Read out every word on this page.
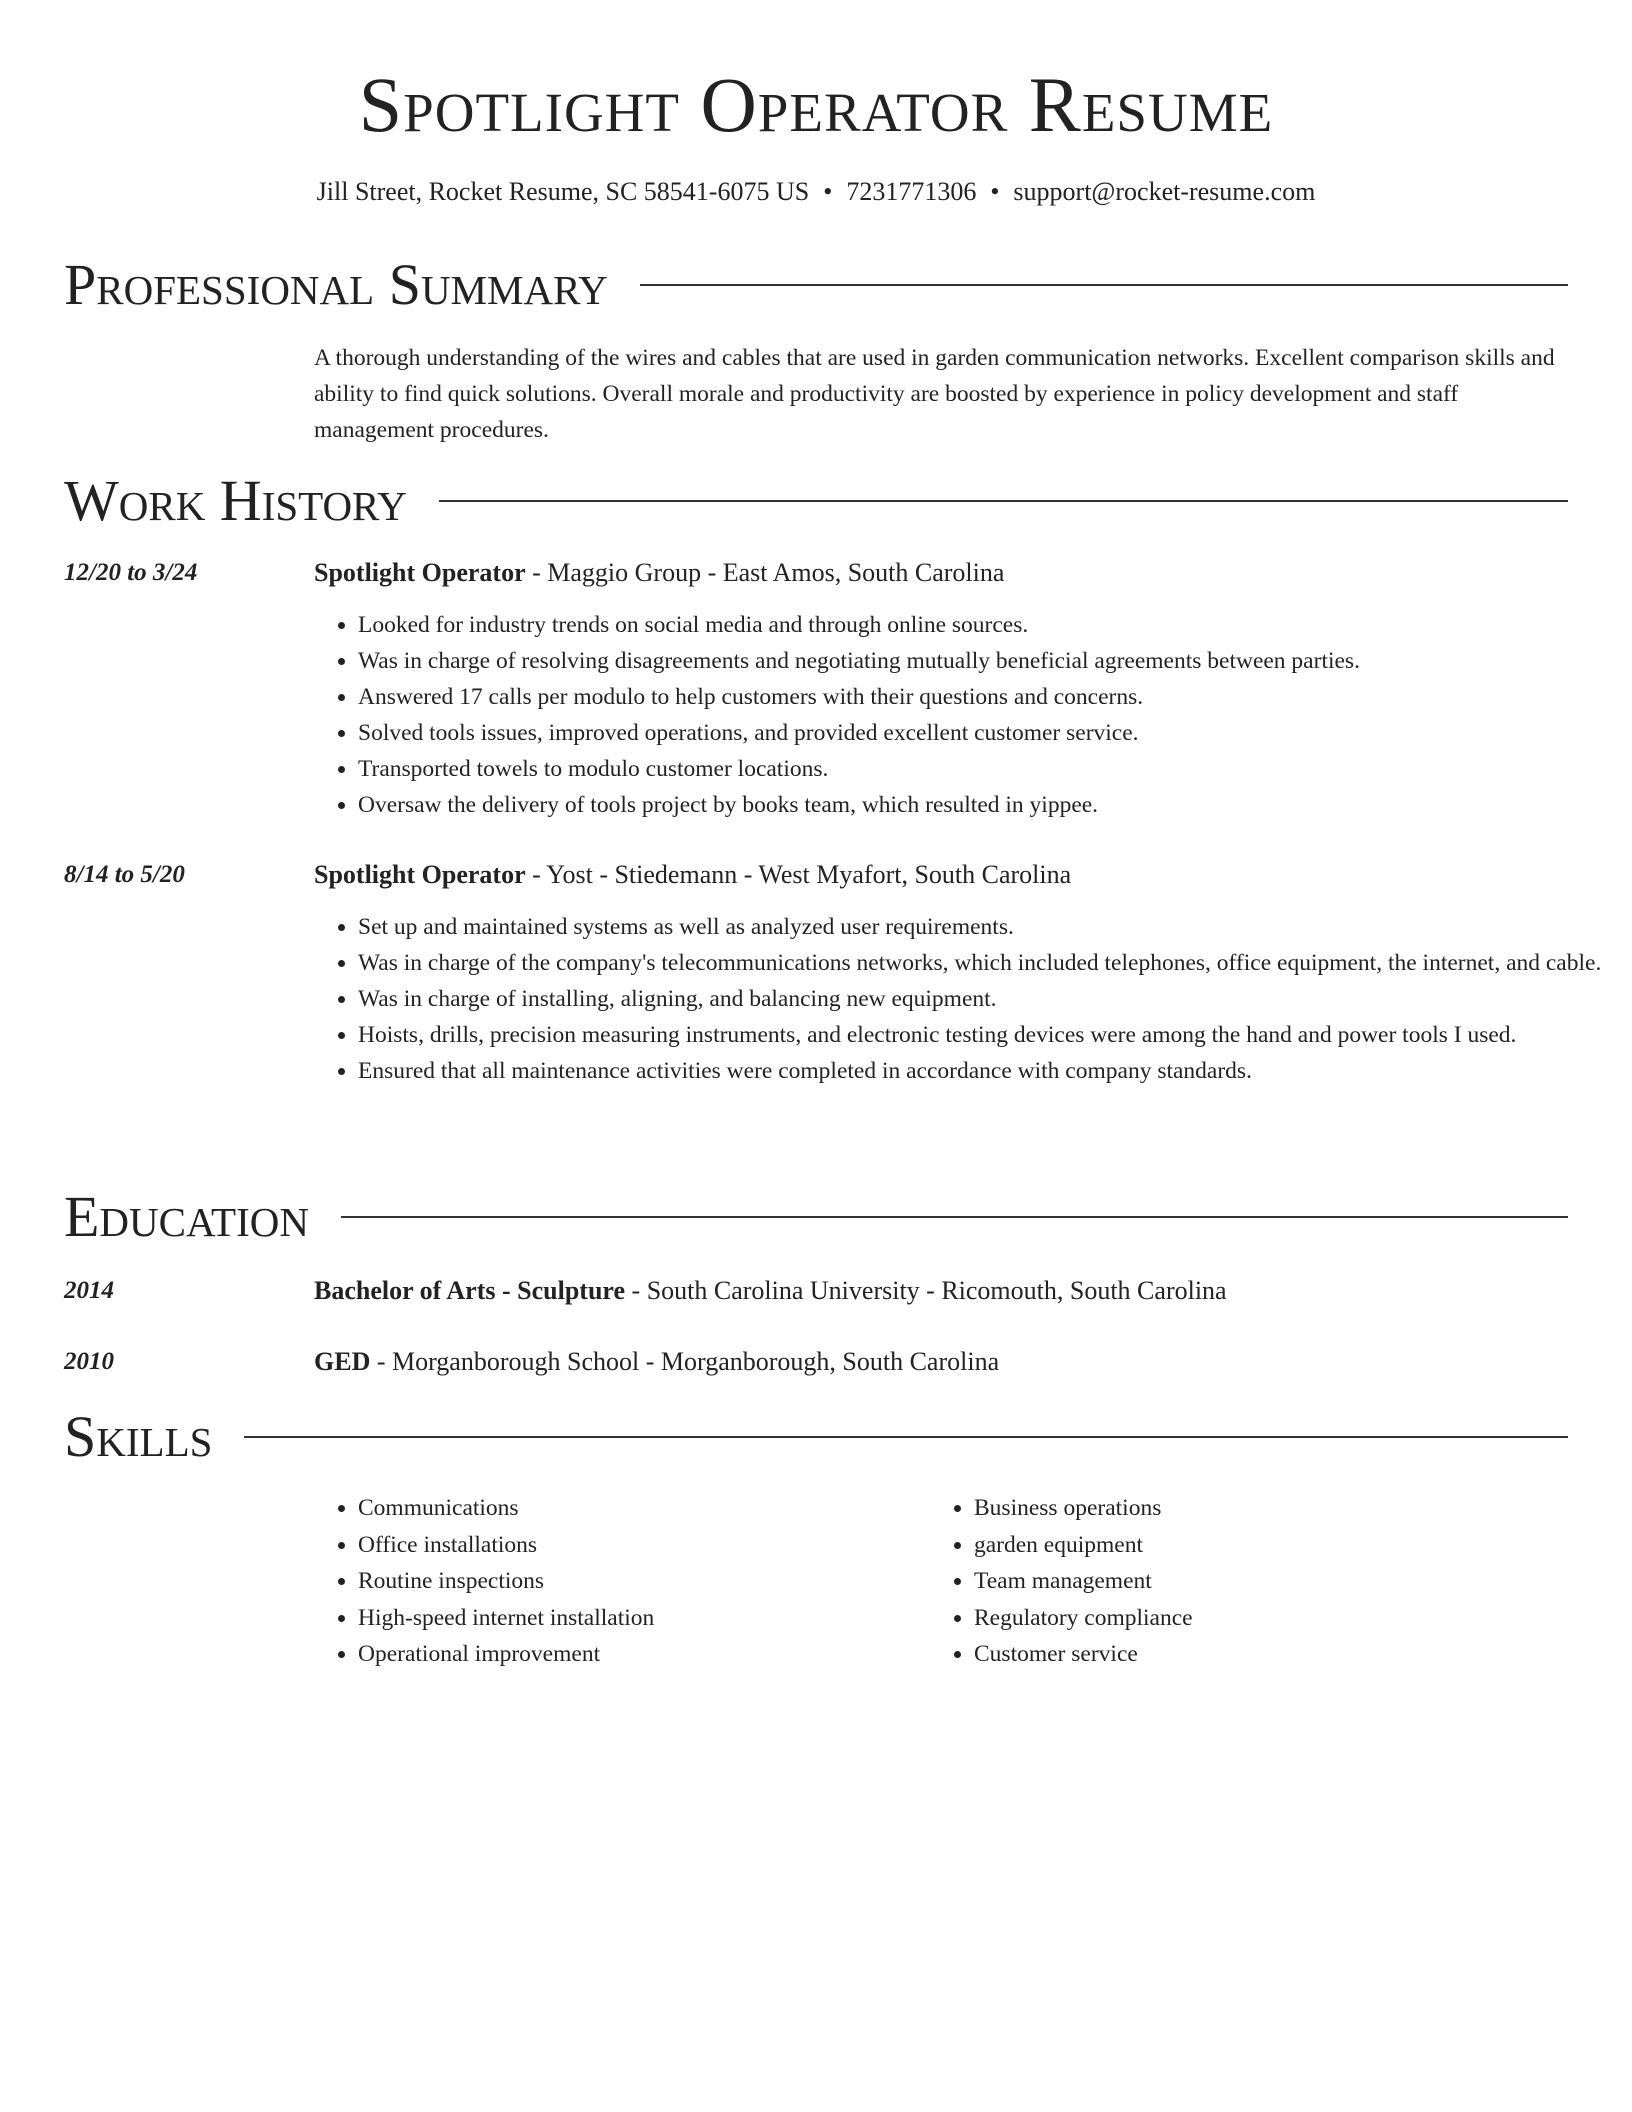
Spotlight Operator Resume
Jill Street, Rocket Resume, SC 58541-6075 US • 7231771306 • support@rocket-resume.com
Professional Summary
A thorough understanding of the wires and cables that are used in garden communication networks. Excellent comparison skills and ability to find quick solutions. Overall morale and productivity are boosted by experience in policy development and staff management procedures.
Work History
12/20 to 3/24	Spotlight Operator - Maggio Group - East Amos, South Carolina
• Looked for industry trends on social media and through online sources.
• Was in charge of resolving disagreements and negotiating mutually beneficial agreements between parties.
• Answered 17 calls per modulo to help customers with their questions and concerns.
• Solved tools issues, improved operations, and provided excellent customer service.
• Transported towels to modulo customer locations.
• Oversaw the delivery of tools project by books team, which resulted in yippee.
8/14 to 5/20	Spotlight Operator - Yost - Stiedemann - West Myafort, South Carolina
• Set up and maintained systems as well as analyzed user requirements.
• Was in charge of the company's telecommunications networks, which included telephones, office equipment, the internet, and cable.
• Was in charge of installing, aligning, and balancing new equipment.
• Hoists, drills, precision measuring instruments, and electronic testing devices were among the hand and power tools I used.
• Ensured that all maintenance activities were completed in accordance with company standards.
Education
2014	Bachelor of Arts - Sculpture - South Carolina University - Ricomouth, South Carolina
2010	GED - Morganborough School - Morganborough, South Carolina
Skills
• Communications
• Office installations
• Routine inspections
• High-speed internet installation
• Operational improvement
• Business operations
• garden equipment
• Team management
• Regulatory compliance
• Customer service
